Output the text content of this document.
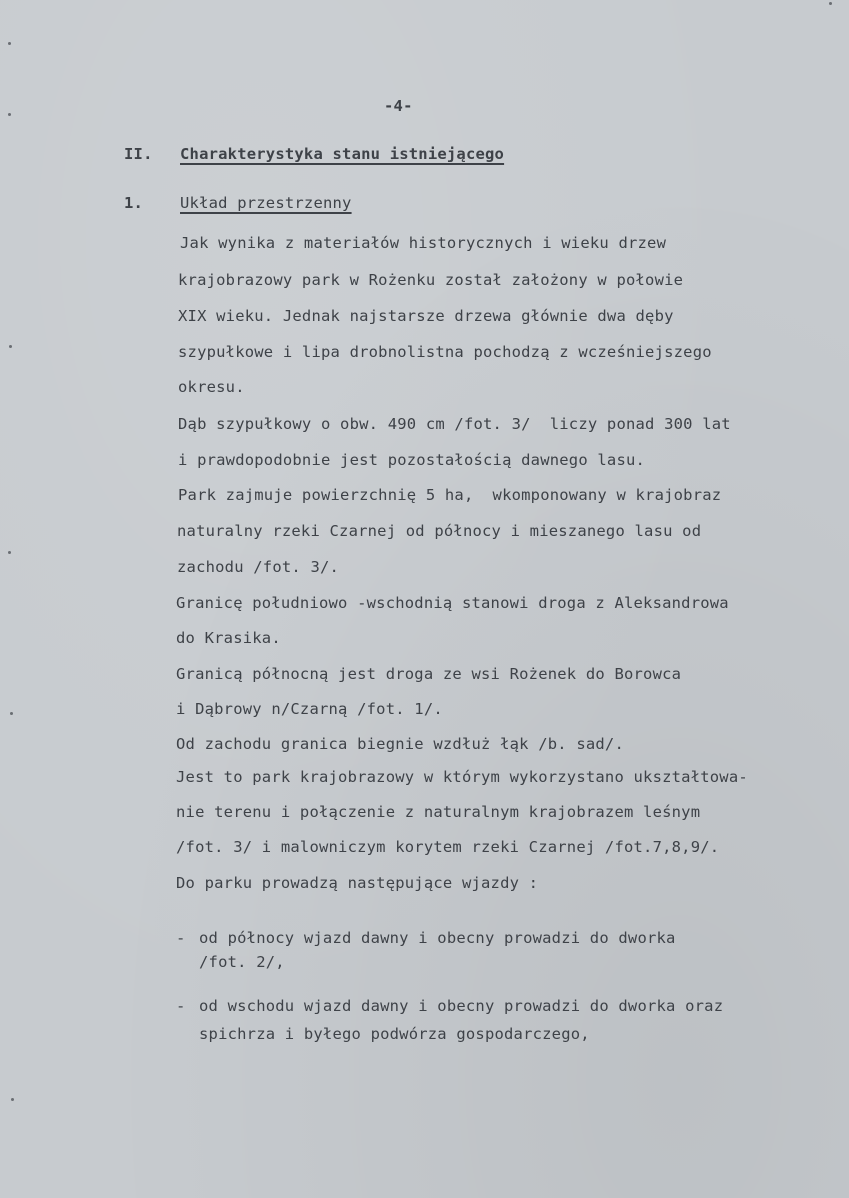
-4-
II. Charakterystyka stanu istniejącego
1. Układ przestrzenny
Jak wynika z materiałów historycznych i wieku drzew
krajobrazowy park w Rożenku został założony w połowie
XIX wieku. Jednak najstarsze drzewa głównie dwa dęby
szypułkowe i lipa drobnolistna pochodzą z wcześniejszego
okresu.
Dąb szypułkowy o obw. 490 cm /fot. 3/  liczy ponad 300 lat
i prawdopodobnie jest pozostałością dawnego lasu.
Park zajmuje powierzchnię 5 ha,  wkomponowany w krajobraz
naturalny rzeki Czarnej od północy i mieszanego lasu od
zachodu /fot. 3/.
Granicę południowo -wschodnią stanowi droga z Aleksandrowa
do Krasika.
Granicą północną jest droga ze wsi Rożenek do Borowca
i Dąbrowy n/Czarną /fot. 1/.
Od zachodu granica biegnie wzdłuż łąk /b. sad/.
Jest to park krajobrazowy w którym wykorzystano ukształtowa-
nie terenu i połączenie z naturalnym krajobrazem leśnym
/fot. 3/ i malowniczym korytem rzeki Czarnej /fot.7,8,9/.
Do parku prowadzą następujące wjazdy :
- od północy wjazd dawny i obecny prowadzi do dworka
/fot. 2/,
- od wschodu wjazd dawny i obecny prowadzi do dworka oraz
spichrza i byłego podwórza gospodarczego,
